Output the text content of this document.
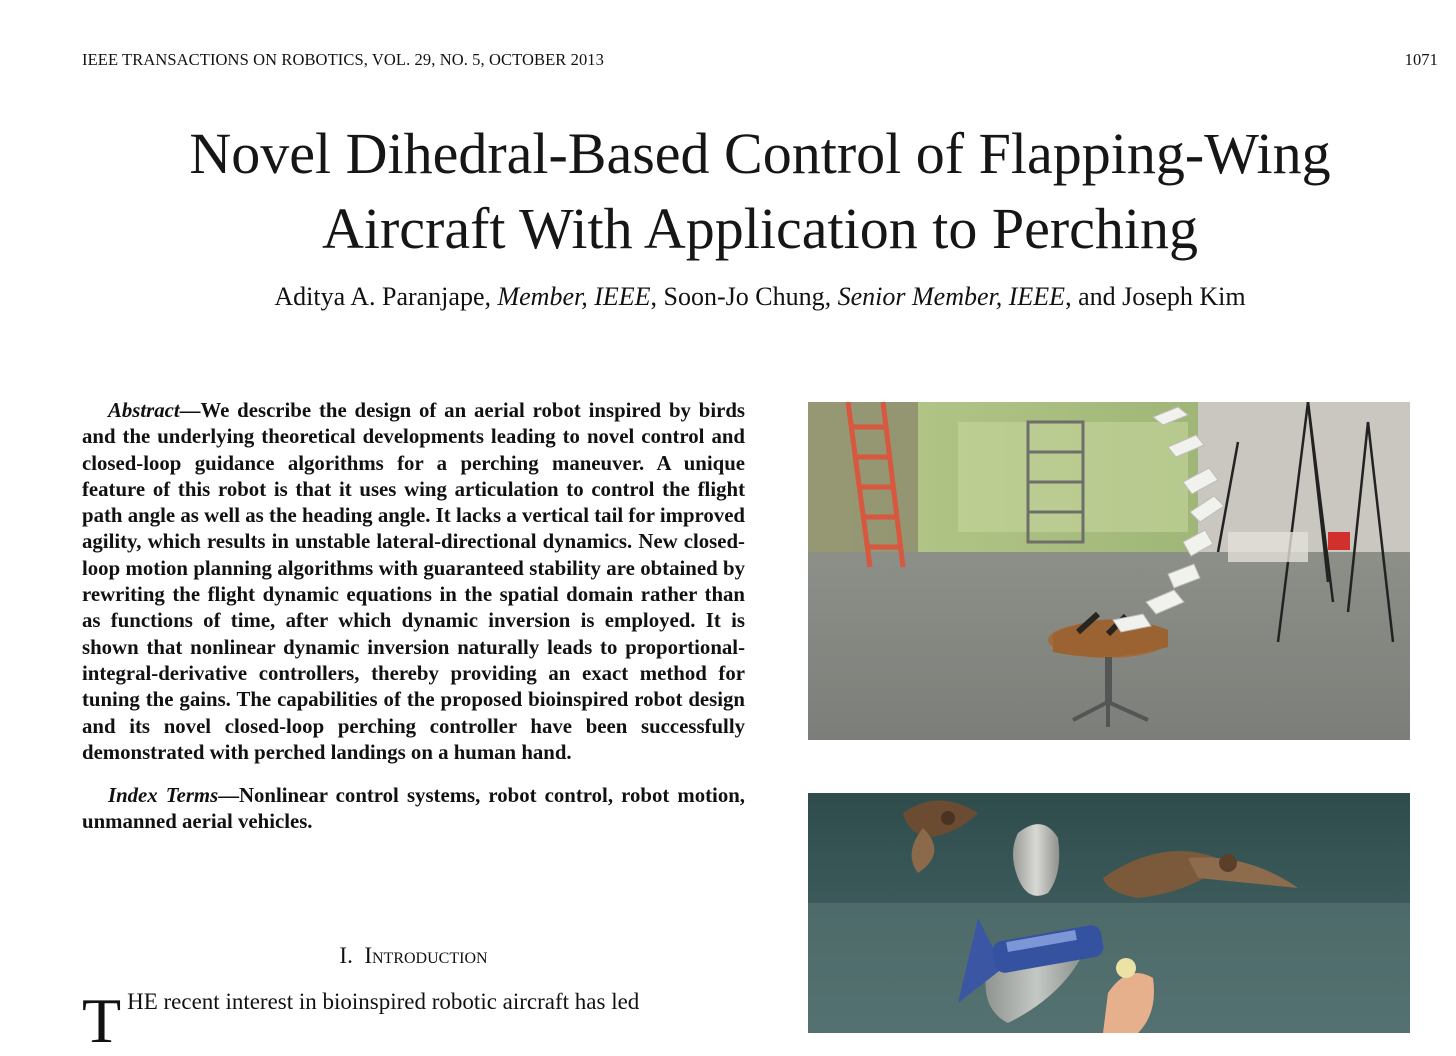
IEEE TRANSACTIONS ON ROBOTICS, VOL. 29, NO. 5, OCTOBER 2013	1071
Novel Dihedral-Based Control of Flapping-Wing
Aircraft With Application to Perching
Aditya A. Paranjape, Member, IEEE, Soon-Jo Chung, Senior Member, IEEE, and Joseph Kim

Abstract—We describe the design of an aerial robot inspired by birds and the underlying theoretical developments leading to novel control and closed-loop guidance algorithms for a perching maneuver. A unique feature of this robot is that it uses wing articulation to control the flight path angle as well as the heading angle. It lacks a vertical tail for improved agility, which results in unstable lateral-directional dynamics. New closed-loop motion planning algorithms with guaranteed stability are obtained by rewriting the flight dynamic equations in the spatial domain rather than as functions of time, after which dynamic inversion is employed. It is shown that nonlinear dynamic inversion naturally leads to proportional-integral-derivative controllers, thereby providing an exact method for tuning the gains. The capabilities of the proposed bioinspired robot design and its novel closed-loop perching controller have been successfully demonstrated with perched landings on a human hand.

Index Terms—Nonlinear control systems, robot control, robot motion, unmanned aerial vehicles.

I. Introduction
THE recent interest in bioinspired robotic aircraft has led
